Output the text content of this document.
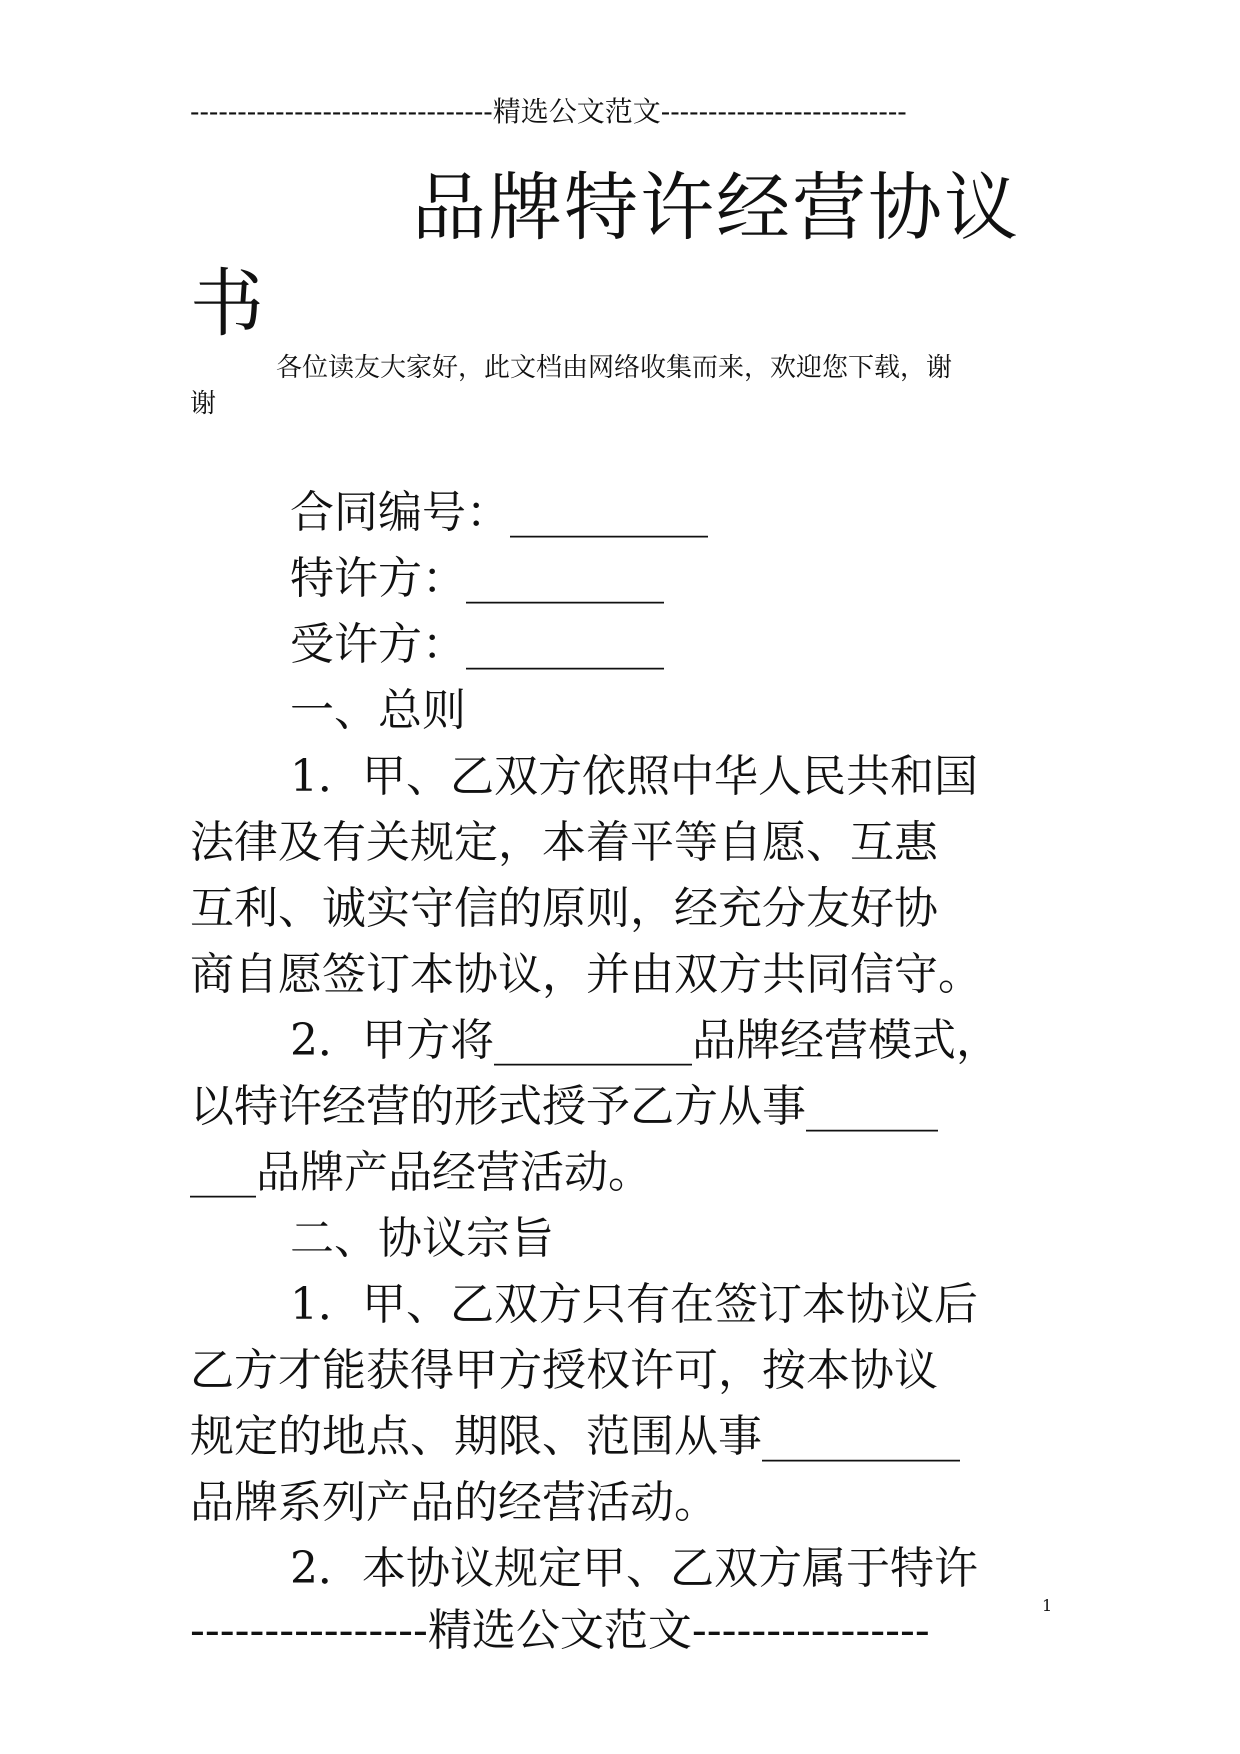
--------------------------------精选公文范文--------------------------
品牌特许经营协议
书
各位读友大家好，此文档由网络收集而来，欢迎您下载，谢
谢

合同编号：_________

特许方：_________

受许方：_________

一、总则

1．甲、乙双方依照中华人民共和国

法律及有关规定，本着平等自愿、互惠

互利、诚实守信的原则，经充分友好协

商自愿签订本协议，并由双方共同信守。

2．甲方将_________品牌经营模式，

以特许经营的形式授予乙方从事______

___品牌产品经营活动。

二、协议宗旨

1．甲、乙双方只有在签订本协议后

乙方才能获得甲方授权许可，按本协议

规定的地点、期限、范围从事_________

品牌系列产品的经营活动。

2．本协议规定甲、乙双方属于特许

----------------精选公文范文----------------	1
